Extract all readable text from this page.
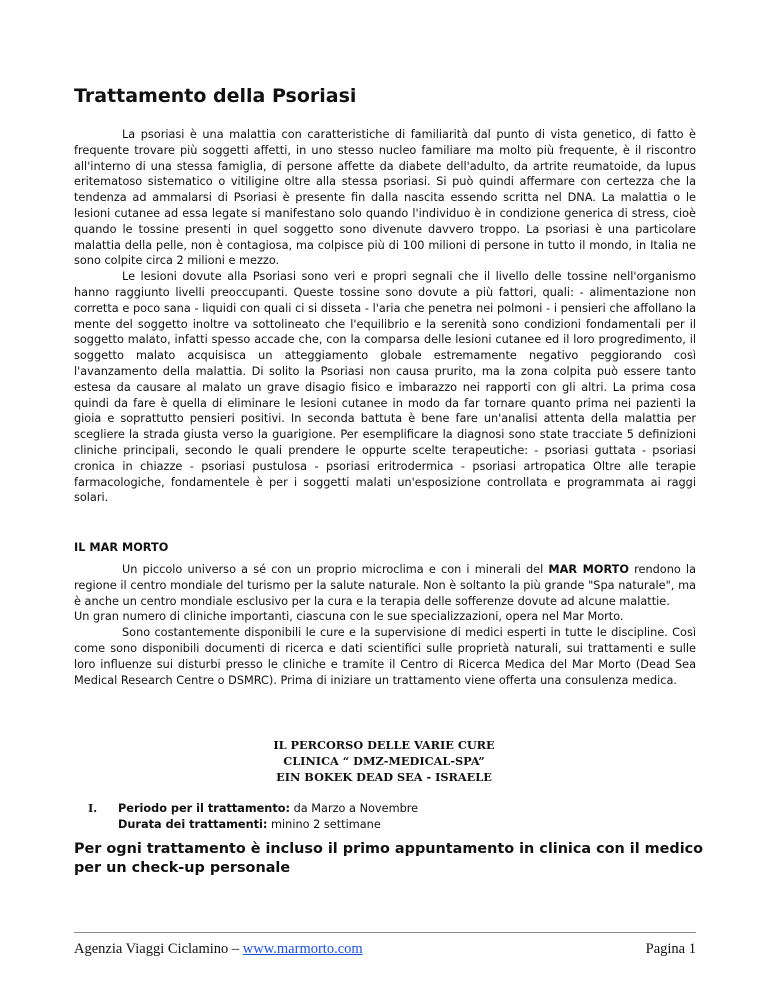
Trattamento della Psoriasi

La psoriasi è una malattia con caratteristiche di familiarità dal punto di vista genetico, di fatto è frequente trovare più soggetti affetti, in uno stesso nucleo familiare ma molto più frequente, è il riscontro all'interno di una stessa famiglia, di persone affette da diabete dell'adulto, da artrite reumatoide, da lupus eritematoso sistematico o vitiligine oltre alla stessa psoriasi. Si può quindi affermare con certezza che la tendenza ad ammalarsi di Psoriasi è presente fin dalla nascita essendo scritta nel DNA. La malattia o le lesioni cutanee ad essa legate si manifestano solo quando l'individuo è in condizione generica di stress, cioè quando le tossine presenti in quel soggetto sono divenute davvero troppo. La psoriasi è una particolare malattia della pelle, non è contagiosa, ma colpisce più di 100 milioni di persone in tutto il mondo, in Italia ne sono colpite circa 2 milioni e mezzo.

Le lesioni dovute alla Psoriasi sono veri e propri segnali che il livello delle tossine nell'organismo hanno raggiunto livelli preoccupanti. Queste tossine sono dovute a più fattori, quali: - alimentazione non corretta e poco sana - liquidi con quali ci si disseta - l'aria che penetra nei polmoni - i pensieri che affollano la mente del soggetto inoltre va sottolineato che l'equilibrio e la serenità sono condizioni fondamentali per il soggetto malato, infatti spesso accade che, con la comparsa delle lesioni cutanee ed il loro progredimento, il soggetto malato acquisisca un atteggiamento globale estremamente negativo peggiorando così l'avanzamento della malattia. Di solito la Psoriasi non causa prurito, ma la zona colpita può essere tanto estesa da causare al malato un grave disagio fisico e imbarazzo nei rapporti con gli altri. La prima cosa quindi da fare è quella di eliminare le lesioni cutanee in modo da far tornare quanto prima nei pazienti la gioia e soprattutto pensieri positivi. In seconda battuta è bene fare un'analisi attenta della malattia per scegliere la strada giusta verso la guarigione. Per esemplificare la diagnosi sono state tracciate 5 definizioni cliniche principali, secondo le quali prendere le oppurte scelte terapeutiche: - psoriasi guttata - psoriasi cronica in chiazze - psoriasi pustulosa - psoriasi eritrodermica - psoriasi artropatica Oltre alle terapie farmacologiche, fondamentele è per i soggetti malati un'esposizione controllata e programmata ai raggi solari.

IL MAR MORTO

Un piccolo universo a sé con un proprio microclima e con i minerali del MAR MORTO rendono la regione il centro mondiale del turismo per la salute naturale. Non è soltanto la più grande "Spa naturale", ma è anche un centro mondiale esclusivo per la cura e la terapia delle sofferenze dovute ad alcune malattie.

Un gran numero di cliniche importanti, ciascuna con le sue specializzazioni, opera nel Mar Morto.

Sono costantemente disponibili le cure e la supervisione di medici esperti in tutte le discipline. Così come sono disponibili documenti di ricerca e dati scientifici sulle proprietà naturali, sui trattamenti e sulle loro influenze sui disturbi presso le cliniche e tramite il Centro di Ricerca Medica del Mar Morto (Dead Sea Medical Research Centre o DSMRC). Prima di iniziare un trattamento viene offerta una consulenza medica.

IL PERCORSO DELLE VARIE CURE
CLINICA “ DMZ-MEDICAL-SPA”
EIN BOKEK DEAD SEA - ISRAELE
I.	Periodo per il trattamento: da Marzo a Novembre
Durata dei trattamenti: minino 2 settimane

Per ogni trattamento è incluso il primo appuntamento in clinica con il medico per un check-up personale

Agenzia Viaggi Ciclamino – www.marmorto.com	Pagina 1
